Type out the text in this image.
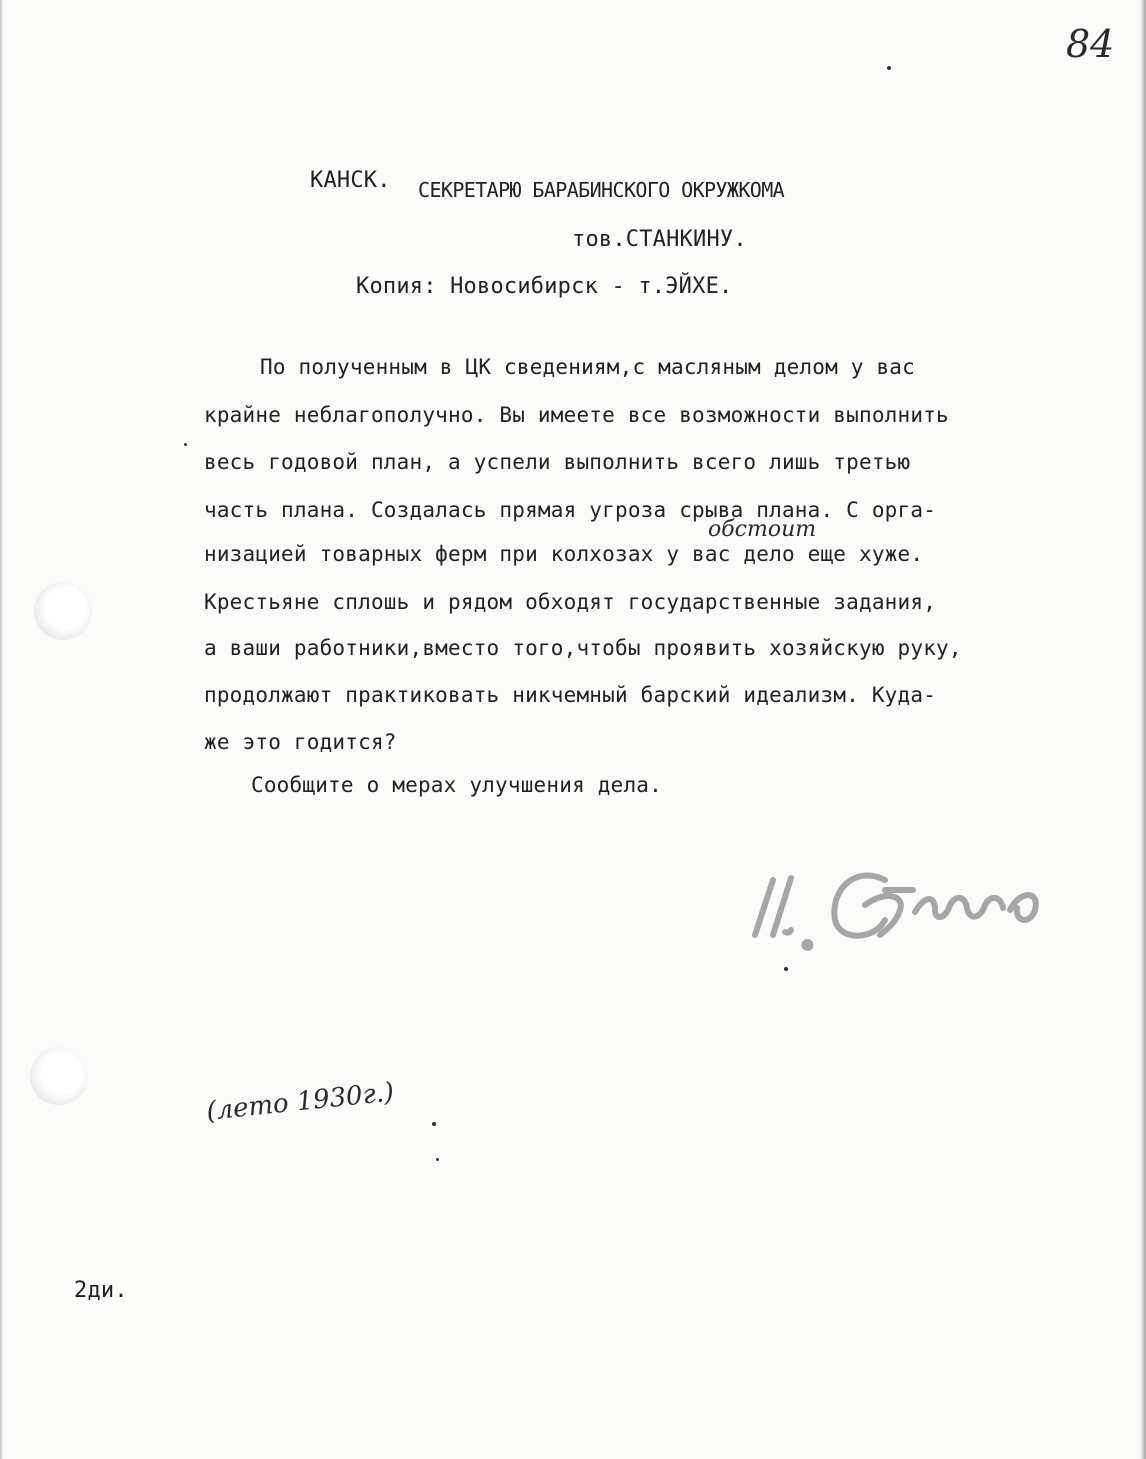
84
КАНСК. СЕКРЕТАРЮ БАРАБИНСКОГО ОКРУЖКОМА
тов.СТАНКИНУ.
Копия: Новосибирск - т.ЭЙХЕ.
обстоит
По полученным в ЦК сведениям,с масляным делом у вас
крайне неблагополучно. Вы имеете все возможности выполнить
весь годовой план, а успели выполнить всего лишь третью
часть плана. Создалась прямая угроза срыва плана. С орга-
низацией товарных ферм при колхозах у вас дело еще хуже.
Крестьяне сплошь и рядом обходят государственные задания,
а ваши работники,вместо того,чтобы проявить хозяйскую руку,
продолжают практиковать никчемный барский идеализм. Куда-
же это годится?
Сообщите о мерах улучшения дела.
(лето 1930г.)
2ди.
